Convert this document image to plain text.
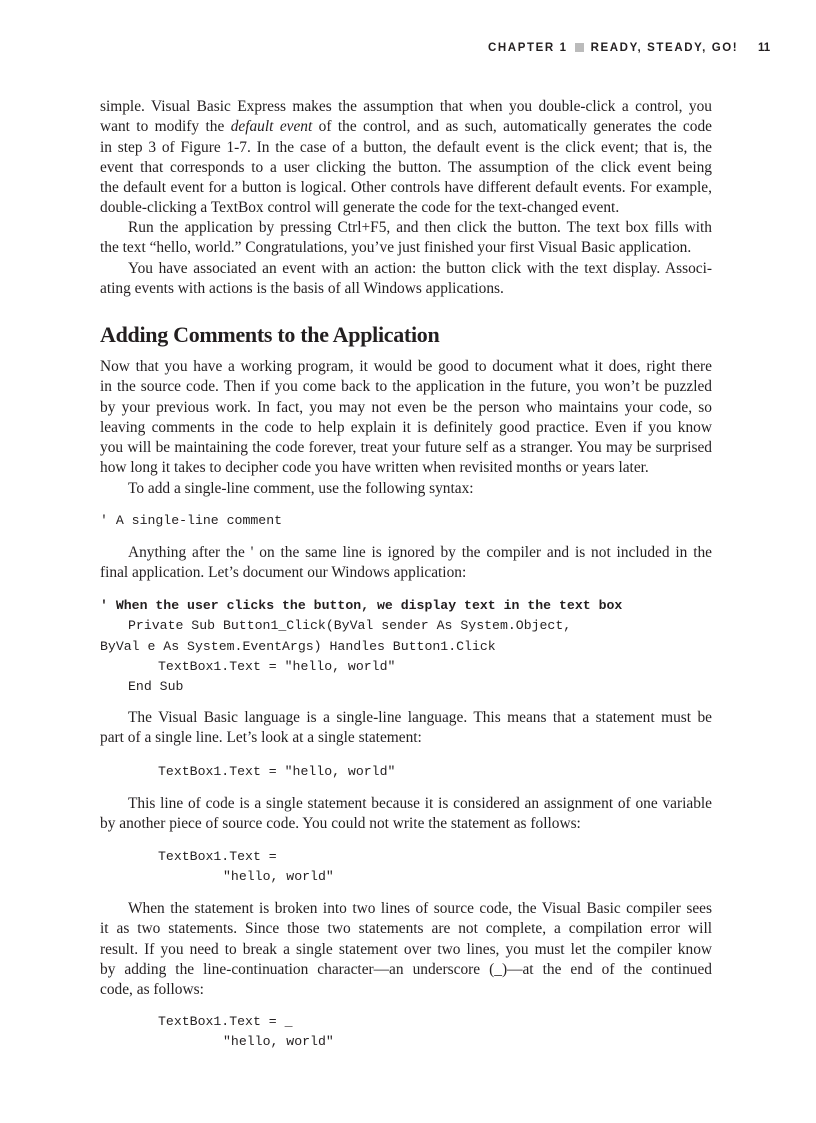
CHAPTER 1 READY, STEADY, GO! 11
Adding Comments to the Application
simple. Visual Basic Express makes the assumption that when you double-click a control, you
want to modify the default event of the control, and as such, automatically generates the code
in step 3 of Figure 1-7. In the case of a button, the default event is the click event; that is, the
event that corresponds to a user clicking the button. The assumption of the click event being
the default event for a button is logical. Other controls have different default events. For example,
double-clicking a TextBox control will generate the code for the text-changed event.
Run the application by pressing Ctrl+F5, and then click the button. The text box fills with
the text “hello, world.” Congratulations, you’ve just finished your first Visual Basic application.
You have associated an event with an action: the button click with the text display. Associ-
ating events with actions is the basis of all Windows applications.
Now that you have a working program, it would be good to document what it does, right there
in the source code. Then if you come back to the application in the future, you won’t be puzzled
by your previous work. In fact, you may not even be the person who maintains your code, so
leaving comments in the code to help explain it is definitely good practice. Even if you know
you will be maintaining the code forever, treat your future self as a stranger. You may be surprised
how long it takes to decipher code you have written when revisited months or years later.
To add a single-line comment, use the following syntax:
' A single-line comment
Anything after the ' on the same line is ignored by the compiler and is not included in the
final application. Let’s document our Windows application:
' When the user clicks the button, we display text in the text box
Private Sub Button1_Click(ByVal sender As System.Object,
ByVal e As System.EventArgs) Handles Button1.Click
TextBox1.Text = "hello, world"
End Sub
The Visual Basic language is a single-line language. This means that a statement must be
part of a single line. Let’s look at a single statement:
TextBox1.Text = "hello, world"
This line of code is a single statement because it is considered an assignment of one variable
by another piece of source code. You could not write the statement as follows:
TextBox1.Text =
"hello, world"
When the statement is broken into two lines of source code, the Visual Basic compiler sees
it as two statements. Since those two statements are not complete, a compilation error will
result. If you need to break a single statement over two lines, you must let the compiler know
by adding the line-continuation character—an underscore (_)—at the end of the continued
code, as follows:
TextBox1.Text = _
"hello, world"
